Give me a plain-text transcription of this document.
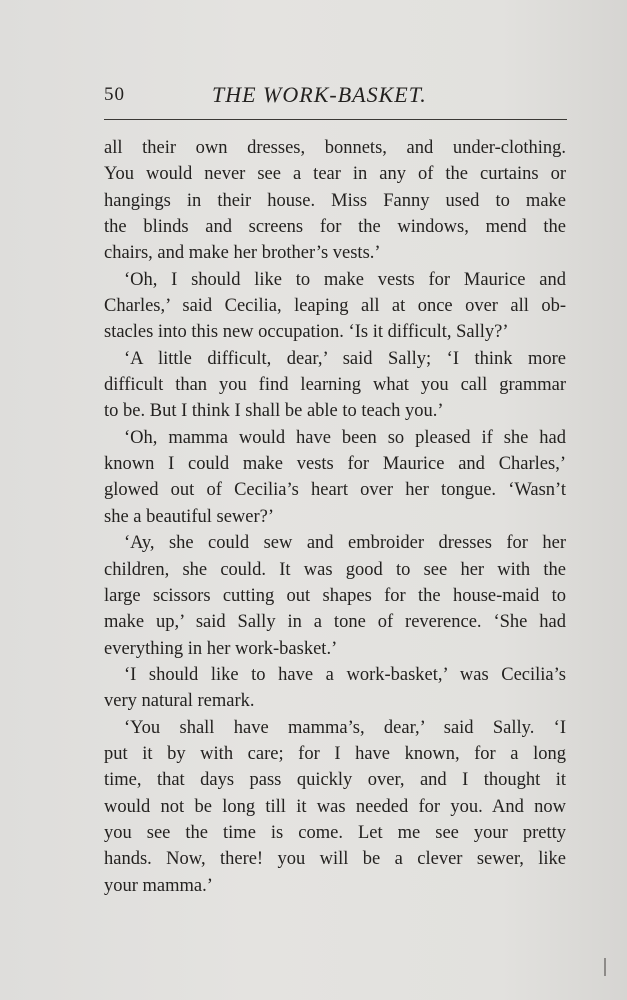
50	THE WORK-BASKET.
all their own dresses, bonnets, and under-clothing.
You would never see a tear in any of the curtains or
hangings in their house. Miss Fanny used to make
the blinds and screens for the windows, mend the
chairs, and make her brother’s vests.’
‘Oh, I should like to make vests for Maurice and
Charles,’ said Cecilia, leaping all at once over all ob-
stacles into this new occupation. ‘Is it difficult, Sally?’
‘A little difficult, dear,’ said Sally; ‘I think more
difficult than you find learning what you call grammar
to be. But I think I shall be able to teach you.’
‘Oh, mamma would have been so pleased if she had
known I could make vests for Maurice and Charles,’
glowed out of Cecilia’s heart over her tongue. ‘Wasn’t
she a beautiful sewer?’
‘Ay, she could sew and embroider dresses for her
children, she could. It was good to see her with the
large scissors cutting out shapes for the house-maid to
make up,’ said Sally in a tone of reverence. ‘She had
everything in her work-basket.’
‘I should like to have a work-basket,’ was Cecilia’s
very natural remark.
‘You shall have mamma’s, dear,’ said Sally. ‘I
put it by with care; for I have known, for a long
time, that days pass quickly over, and I thought it
would not be long till it was needed for you. And now
you see the time is come. Let me see your pretty
hands. Now, there! you will be a clever sewer, like
your mamma.’
